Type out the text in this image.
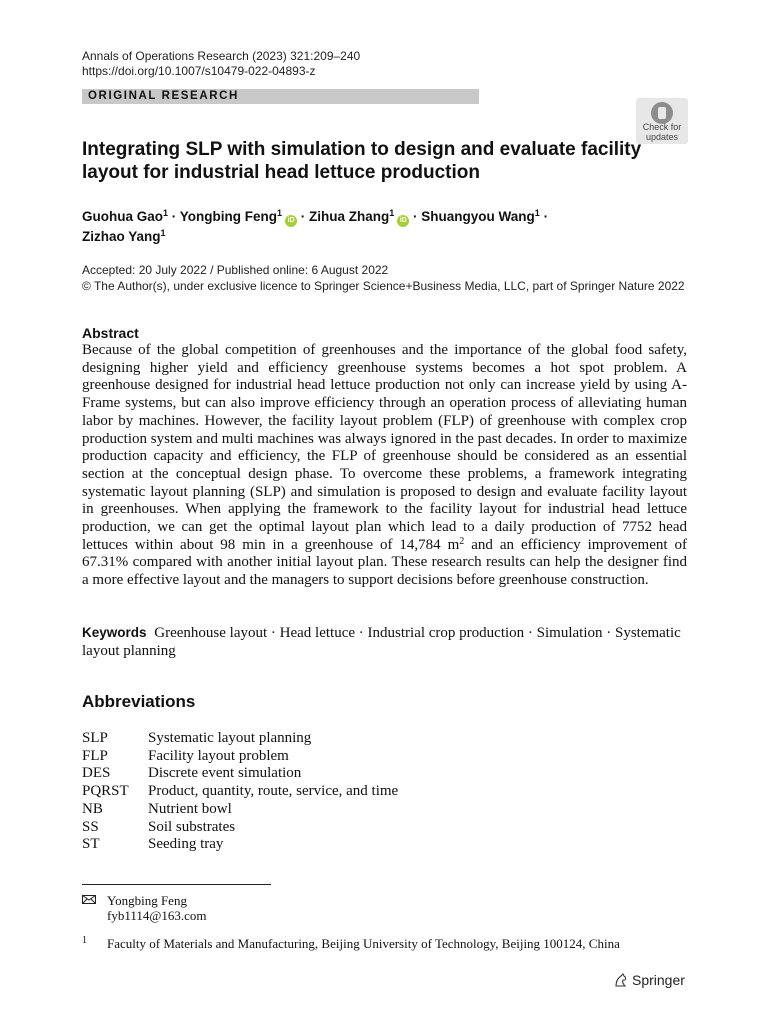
Annals of Operations Research (2023) 321:209–240
https://doi.org/10.1007/s10479-022-04893-z
ORIGINAL RESEARCH
Check for updates
Integrating SLP with simulation to design and evaluate facility layout for industrial head lettuce production
Guohua Gao$^1$ · Yongbing Feng$^1$iD · Zihua Zhang$^1$iD · Shuangyou Wang$^1$ ·
Zizhao Yang$^1$
Accepted: 20 July 2022 / Published online: 6 August 2022
© The Author(s), under exclusive licence to Springer Science+Business Media, LLC, part of Springer Nature 2022
Abstract

Because of the global competition of greenhouses and the importance of the global food safety, designing higher yield and efficiency greenhouse systems becomes a hot spot problem. A greenhouse designed for industrial head lettuce production not only can increase yield by using A-Frame systems, but can also improve efficiency through an operation process of alleviating human labor by machines. However, the facility layout problem (FLP) of greenhouse with complex crop production system and multi machines was always ignored in the past decades. In order to maximize production capacity and efficiency, the FLP of greenhouse should be considered as an essential section at the conceptual design phase. To overcome these problems, a framework integrating systematic layout planning (SLP) and simulation is proposed to design and evaluate facility layout in greenhouses. When applying the framework to the facility layout for industrial head lettuce production, we can get the optimal layout plan which lead to a daily production of 7752 head lettuces within about 98 min in a greenhouse of 14,784 $m^2$ and an efficiency improvement of 67.31% compared with another initial layout plan. These research results can help the designer find a more effective layout and the managers to support decisions before greenhouse construction.

Keywords Greenhouse layout · Head lettuce · Industrial crop production · Simulation · Systematic layout planning
Abbreviations
SLP	Systematic layout planning
FLP	Facility layout problem
DES	Discrete event simulation
PQRST	Product, quantity, route, service, and time
NB	Nutrient bowl
SS	Soil substrates
ST	Seeding tray
Yongbing Feng
fyb1114@163.com
1 Faculty of Materials and Manufacturing, Beijing University of Technology, Beijing 100124, China
Springer
